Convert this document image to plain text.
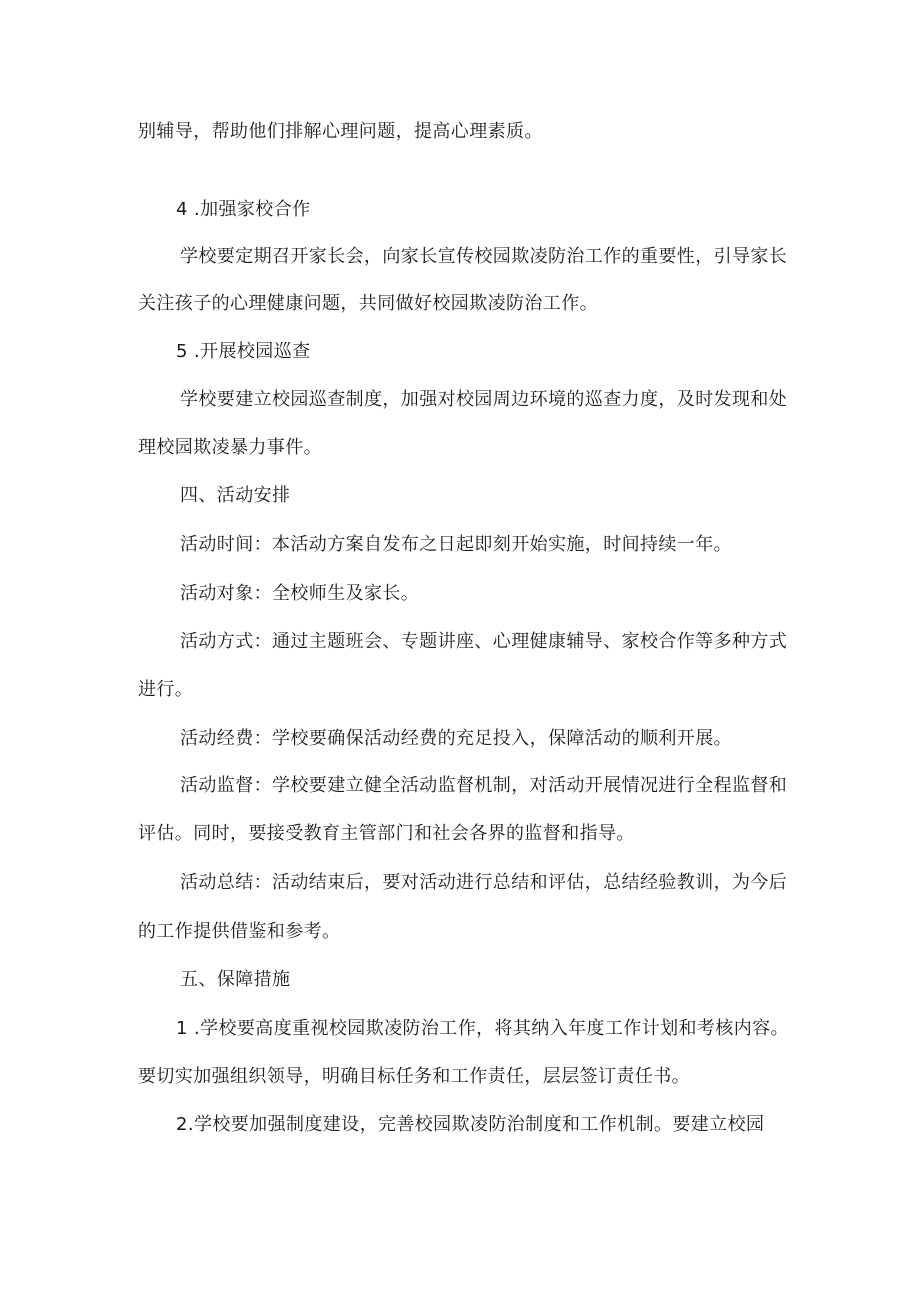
别辅导，帮助他们排解心理问题，提高心理素质。
4 .加强家校合作
学校要定期召开家长会，向家长宣传校园欺凌防治工作的重要性，引导家长
关注孩子的心理健康问题，共同做好校园欺凌防治工作。
5 .开展校园巡查
学校要建立校园巡查制度，加强对校园周边环境的巡查力度，及时发现和处
理校园欺凌暴力事件。
四、活动安排
活动时间：本活动方案自发布之日起即刻开始实施，时间持续一年。
活动对象：全校师生及家长。
活动方式：通过主题班会、专题讲座、心理健康辅导、家校合作等多种方式
进行。
活动经费：学校要确保活动经费的充足投入，保障活动的顺利开展。
活动监督：学校要建立健全活动监督机制，对活动开展情况进行全程监督和
评估。同时，要接受教育主管部门和社会各界的监督和指导。
活动总结：活动结束后，要对活动进行总结和评估，总结经验教训，为今后
的工作提供借鉴和参考。
五、保障措施
1 .学校要高度重视校园欺凌防治工作，将其纳入年度工作计划和考核内容。
要切实加强组织领导，明确目标任务和工作责任，层层签订责任书。
2.学校要加强制度建设，完善校园欺凌防治制度和工作机制。要建立校园
